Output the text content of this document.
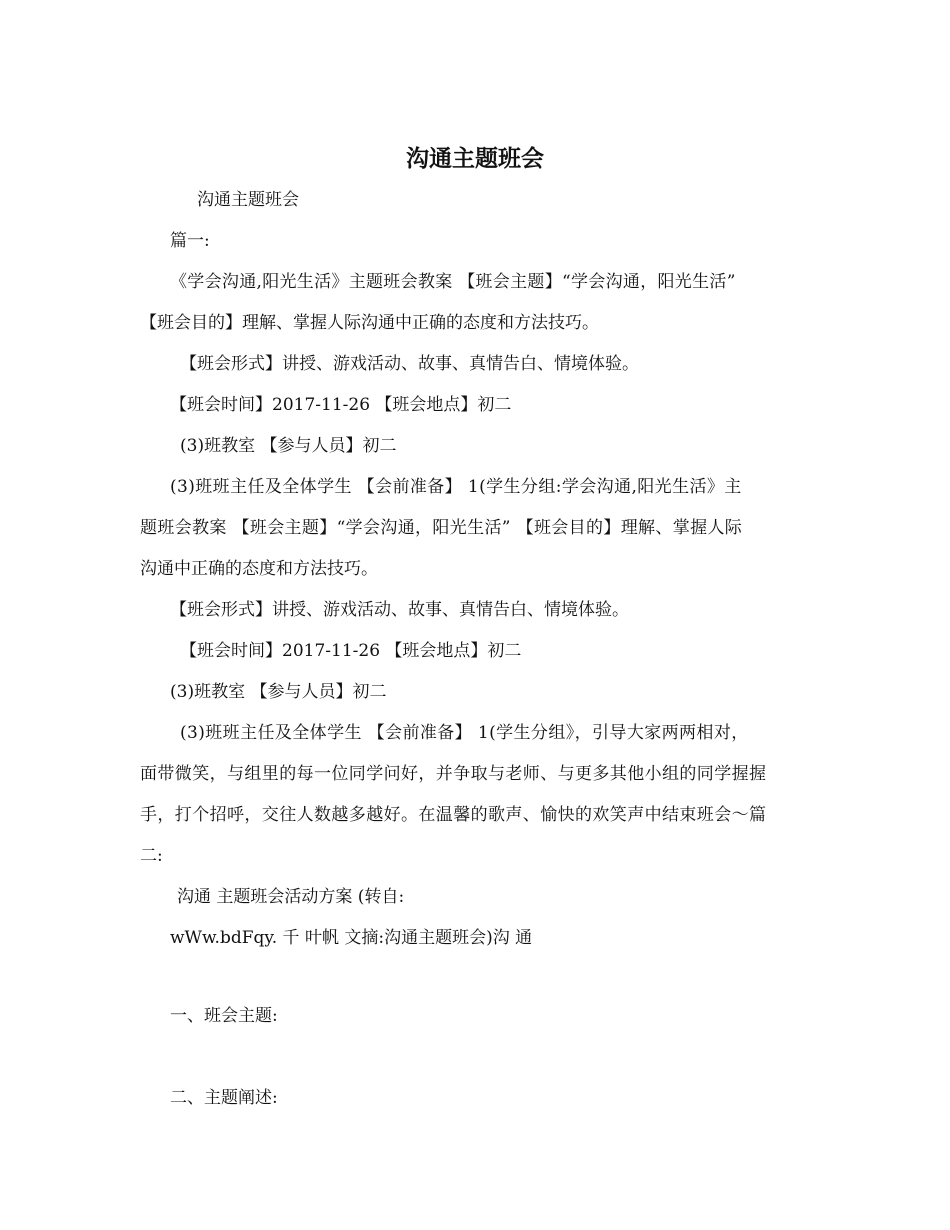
沟通主题班会
沟通主题班会
篇一:
《学会沟通,阳光生活》主题班会教案 【班会主题】“学会沟通，阳光生活”
【班会目的】理解、掌握人际沟通中正确的态度和方法技巧。
【班会形式】讲授、游戏活动、故事、真情告白、情境体验。
【班会时间】2017-11-26 【班会地点】初二
(3)班教室 【参与人员】初二
(3)班班主任及全体学生 【会前准备】 1(学生分组:学会沟通,阳光生活》主
题班会教案 【班会主题】“学会沟通，阳光生活” 【班会目的】理解、掌握人际
沟通中正确的态度和方法技巧。
【班会形式】讲授、游戏活动、故事、真情告白、情境体验。
【班会时间】2017-11-26 【班会地点】初二
(3)班教室 【参与人员】初二
(3)班班主任及全体学生 【会前准备】 1(学生分组》，引导大家两两相对，
面带微笑，与组里的每一位同学问好，并争取与老师、与更多其他小组的同学握握
手，打个招呼，交往人数越多越好。在温馨的歌声、愉快的欢笑声中结束班会～篇
二:
沟通 主题班会活动方案 (转自:
wWw.bdFqy. 千 叶帆 文摘:沟通主题班会)沟 通
一、班会主题:
二、主题阐述:
